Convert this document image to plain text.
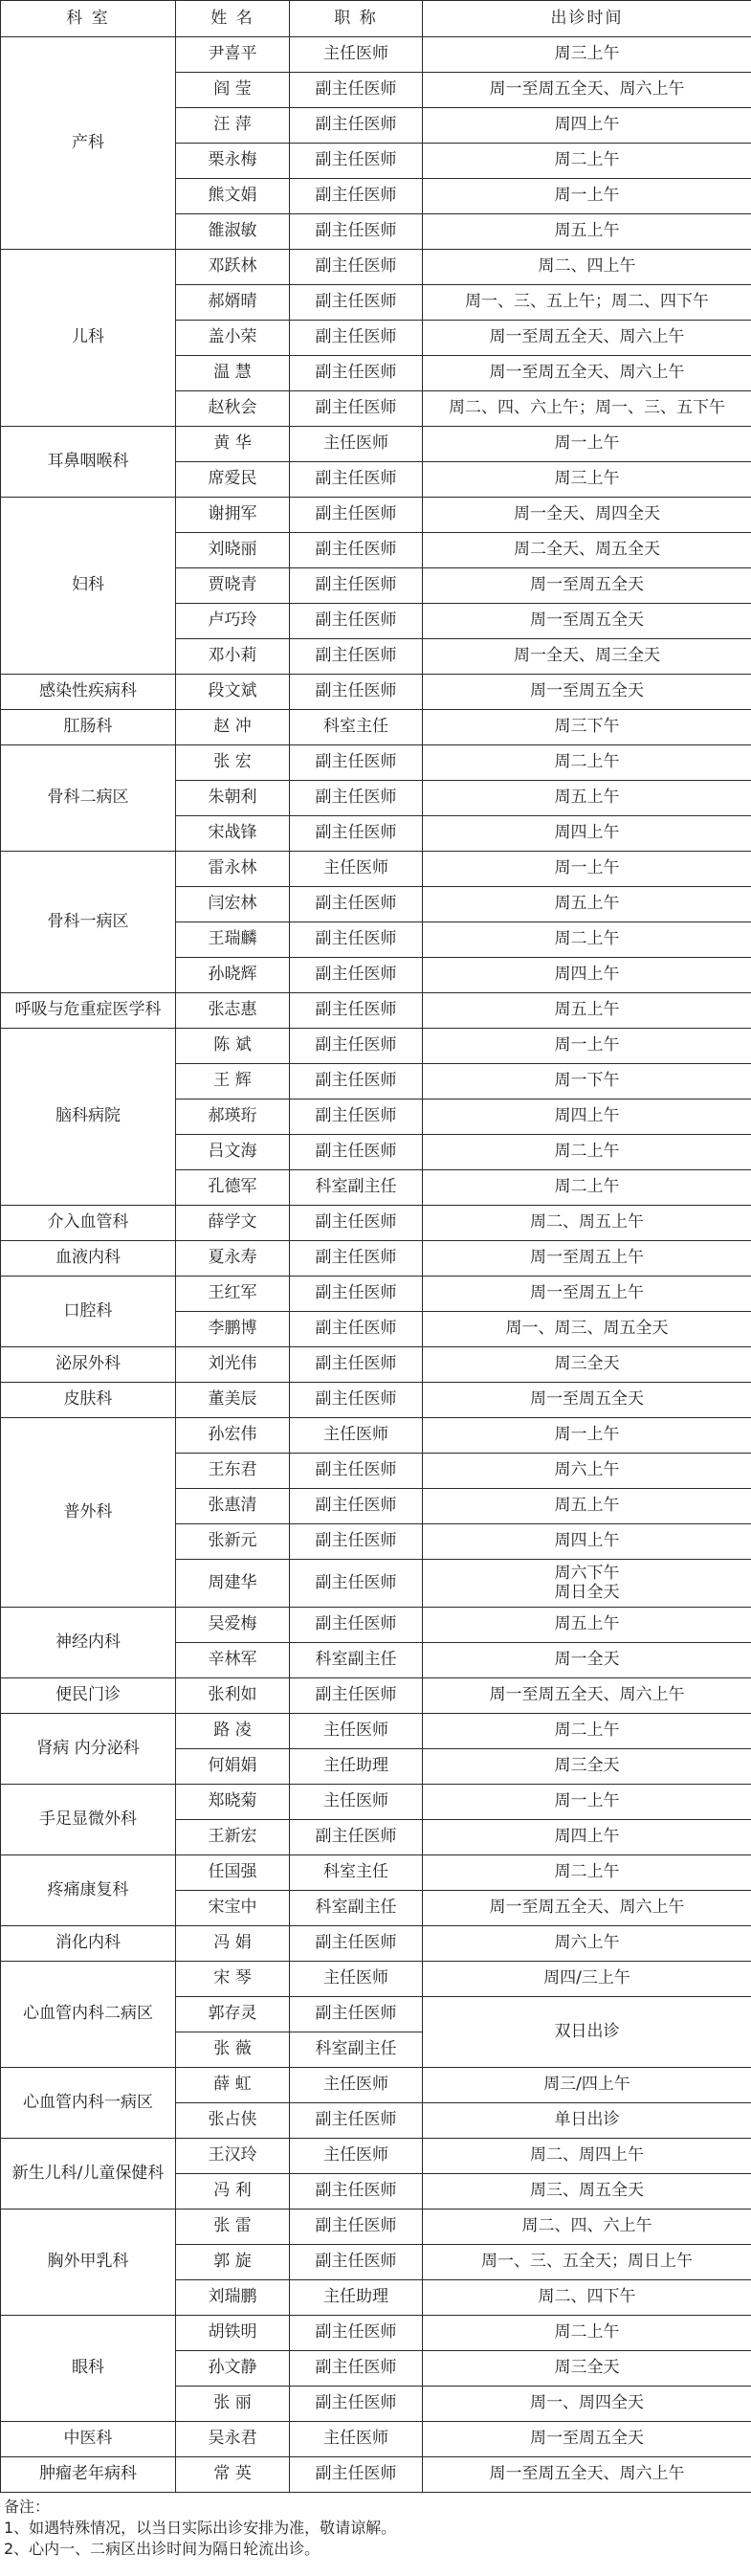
科 室	姓 名	职 称	出诊时间
产科	尹喜平	主任医师	周三上午
	阎 莹	副主任医师	周一至周五全天、周六上午
	汪 萍	副主任医师	周四上午
	栗永梅	副主任医师	周二上午
	熊文娟	副主任医师	周一上午
	雒淑敏	副主任医师	周五上午
儿科	邓跃林	副主任医师	周二、四上午
	郝婿晴	副主任医师	周一、三、五上午；周二、四下午
	盖小荣	副主任医师	周一至周五全天、周六上午
	温 慧	副主任医师	周一至周五全天、周六上午
	赵秋会	副主任医师	周二、四、六上午；周一、三、五下午
耳鼻咽喉科	黄 华	主任医师	周一上午
	席爱民	副主任医师	周三上午
妇科	谢拥军	副主任医师	周一全天、周四全天
	刘晓丽	副主任医师	周二全天、周五全天
	贾晓青	副主任医师	周一至周五全天
	卢巧玲	副主任医师	周一至周五全天
	邓小莉	副主任医师	周一全天、周三全天
感染性疾病科	段文斌	副主任医师	周一至周五全天
肛肠科	赵 冲	科室主任	周三下午
骨科二病区	张 宏	副主任医师	周二上午
	朱朝利	副主任医师	周五上午
	宋战锋	副主任医师	周四上午
骨科一病区	雷永林	主任医师	周一上午
	闫宏林	副主任医师	周五上午
	王瑞麟	副主任医师	周二上午
	孙晓辉	副主任医师	周四上午
呼吸与危重症医学科	张志惠	副主任医师	周五上午
脑科病院	陈 斌	副主任医师	周一上午
	王 辉	副主任医师	周一下午
	郝瑛珩	副主任医师	周四上午
	吕文海	副主任医师	周二上午
	孔德军	科室副主任	周二上午
介入血管科	薛学文	副主任医师	周二、周五上午
血液内科	夏永寿	副主任医师	周一至周五上午
口腔科	王红军	副主任医师	周一至周五上午
	李鹏博	副主任医师	周一、周三、周五全天
泌尿外科	刘光伟	副主任医师	周三全天
皮肤科	董美辰	副主任医师	周一至周五全天
普外科	孙宏伟	主任医师	周一上午
	王东君	副主任医师	周六上午
	张惠清	副主任医师	周五上午
	张新元	副主任医师	周四上午
	周建华	副主任医师	周六下午
周日全天
神经内科	吴爱梅	副主任医师	周五上午
	辛林军	科室副主任	周一全天
便民门诊	张利如	副主任医师	周一至周五全天、周六上午
肾病 内分泌科	路 凌	主任医师	周二上午
	何娟娟	主任助理	周三全天
手足显微外科	郑晓菊	主任医师	周一上午
	王新宏	副主任医师	周四上午
疼痛康复科	任国强	科室主任	周二上午
	宋宝中	科室副主任	周一至周五全天、周六上午
消化内科	冯 娟	副主任医师	周六上午
心血管内科二病区	宋 琴	主任医师	周四/三上午
	郭存灵	副主任医师	双日出诊
	张 薇	科室副主任	
心血管内科一病区	薛 虹	主任医师	周三/四上午
	张占侠	副主任医师	单日出诊
新生儿科/儿童保健科	王汉玲	主任医师	周二、周四上午
	冯 利	副主任医师	周三、周五全天
胸外甲乳科	张 雷	副主任医师	周二、四、六上午
	郭 旋	副主任医师	周一、三、五全天；周日上午
	刘瑞鹏	主任助理	周二、四下午
眼科	胡铁明	副主任医师	周二上午
	孙文静	副主任医师	周三全天
	张 丽	副主任医师	周一、周四全天
中医科	吴永君	主任医师	周一至周五全天
肿瘤老年病科	常 英	副主任医师	周一至周五全天、周六上午
备注：
1、如遇特殊情况，以当日实际出诊安排为准，敬请谅解。
2、心内一、二病区出诊时间为隔日轮流出诊。
